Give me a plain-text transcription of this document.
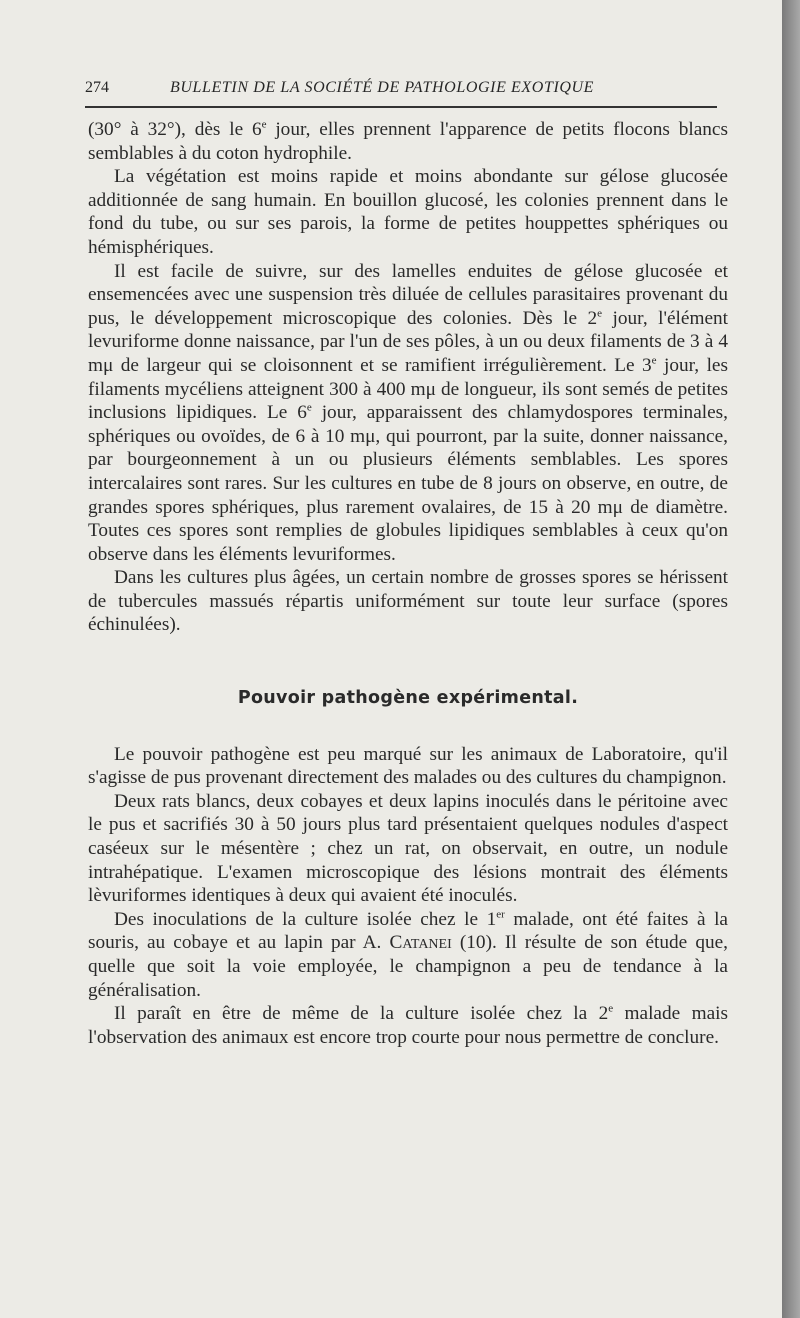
274	BULLETIN DE LA SOCIÉTÉ DE PATHOLOGIE EXOTIQUE

(30° à 32°), dès le 6e jour, elles prennent l'apparence de petits flocons blancs semblables à du coton hydrophile.

La végétation est moins rapide et moins abondante sur gélose glucosée additionnée de sang humain. En bouillon glucosé, les colonies prennent dans le fond du tube, ou sur ses parois, la forme de petites houppettes sphériques ou hémisphériques.

Il est facile de suivre, sur des lamelles enduites de gélose glucosée et ensemencées avec une suspension très diluée de cellules parasitaires provenant du pus, le développement microscopique des colonies. Dès le 2e jour, l'élément levuriforme donne naissance, par l'un de ses pôles, à un ou deux filaments de 3 à 4 mμ de largeur qui se cloisonnent et se ramifient irrégulièrement. Le 3e jour, les filaments mycéliens atteignent 300 à 400 mμ de longueur, ils sont semés de petites inclusions lipidiques. Le 6e jour, apparaissent des chlamydospores terminales, sphériques ou ovoïdes, de 6 à 10 mμ, qui pourront, par la suite, donner naissance, par bourgeonnement à un ou plusieurs éléments semblables. Les spores intercalaires sont rares. Sur les cultures en tube de 8 jours on observe, en outre, de grandes spores sphériques, plus rarement ovalaires, de 15 à 20 mμ de diamètre. Toutes ces spores sont remplies de globules lipidiques semblables à ceux qu'on observe dans les éléments levuriformes.

Dans les cultures plus âgées, un certain nombre de grosses spores se hérissent de tubercules massués répartis uniformément sur toute leur surface (spores échinulées).

Pouvoir pathogène expérimental.

Le pouvoir pathogène est peu marqué sur les animaux de Laboratoire, qu'il s'agisse de pus provenant directement des malades ou des cultures du champignon.

Deux rats blancs, deux cobayes et deux lapins inoculés dans le péritoine avec le pus et sacrifiés 30 à 50 jours plus tard présentaient quelques nodules d'aspect caséeux sur le mésentère ; chez un rat, on observait, en outre, un nodule intrahépatique. L'examen microscopique des lésions montrait des éléments lèvuriformes identiques à deux qui avaient été inoculés.

Des inoculations de la culture isolée chez le 1er malade, ont été faites à la souris, au cobaye et au lapin par A. Catanei (10). Il résulte de son étude que, quelle que soit la voie employée, le champignon a peu de tendance à la généralisation.

Il paraît en être de même de la culture isolée chez la 2e malade mais l'observation des animaux est encore trop courte pour nous permettre de conclure.
